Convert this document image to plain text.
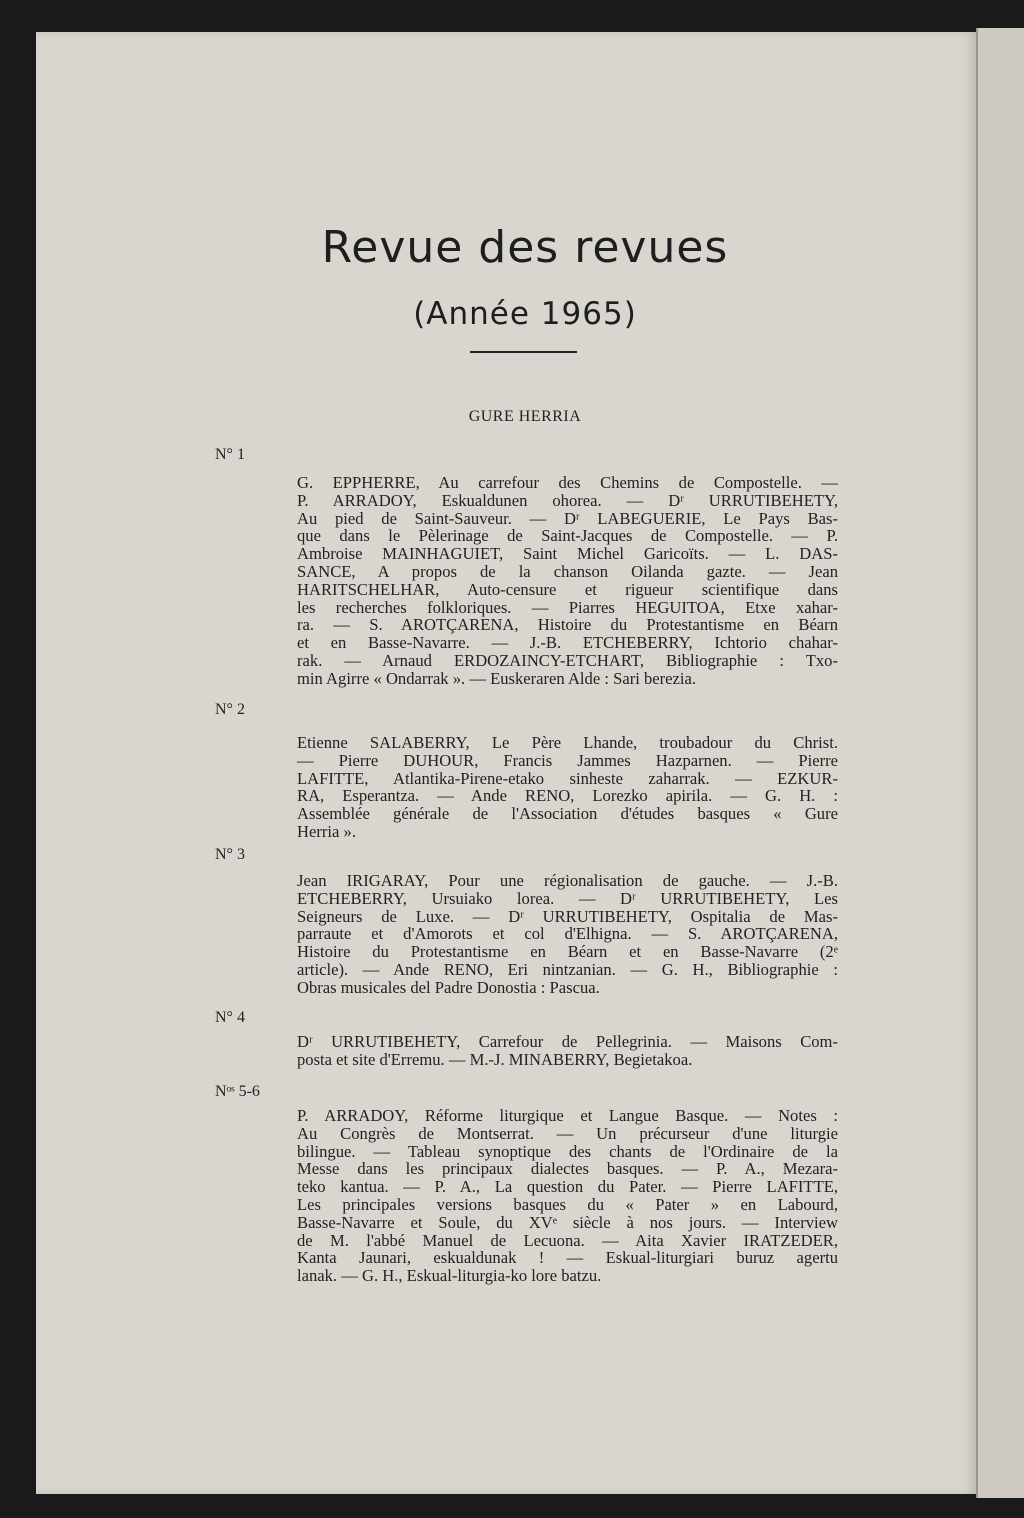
Revue des revues
(Année 1965)
GURE HERRIA
N° 1
G. EPPHERRE, Au carrefour des Chemins de Compostelle. —
P. ARRADOY, Eskualdunen ohorea. — Dʳ URRUTIBEHETY,
Au pied de Saint-Sauveur. — Dʳ LABEGUERIE, Le Pays Bas-
que dans le Pèlerinage de Saint-Jacques de Compostelle. — P.
Ambroise MAINHAGUIET, Saint Michel Garicoïts. — L. DAS-
SANCE, A propos de la chanson Oilanda gazte. — Jean
HARITSCHELHAR, Auto-censure et rigueur scientifique dans
les recherches folkloriques. — Piarres HEGUITOA, Etxe xahar-
ra. — S. AROTÇARENA, Histoire du Protestantisme en Béarn
et en Basse-Navarre. — J.-B. ETCHEBERRY, Ichtorio chahar-
rak. — Arnaud ERDOZAINCY-ETCHART, Bibliographie : Txo-
min Agirre « Ondarrak ». — Euskeraren Alde : Sari berezia.
N° 2
Etienne SALABERRY, Le Père Lhande, troubadour du Christ.
— Pierre DUHOUR, Francis Jammes Hazparnen. — Pierre
LAFITTE, Atlantika-Pirene-etako sinheste zaharrak. — EZKUR-
RA, Esperantza. — Ande RENO, Lorezko apirila. — G. H. :
Assemblée générale de l'Association d'études basques « Gure
Herria ».
N° 3
Jean IRIGARAY, Pour une régionalisation de gauche. — J.-B.
ETCHEBERRY, Ursuiako lorea. — Dʳ URRUTIBEHETY, Les
Seigneurs de Luxe. — Dʳ URRUTIBEHETY, Ospitalia de Mas-
parraute et d'Amorots et col d'Elhigna. — S. AROTÇARENA,
Histoire du Protestantisme en Béarn et en Basse-Navarre (2ᵉ
article). — Ande RENO, Eri nintzanian. — G. H., Bibliographie :
Obras musicales del Padre Donostia : Pascua.
N° 4
Dʳ URRUTIBEHETY, Carrefour de Pellegrinia. — Maisons Com-
posta et site d'Erremu. — M.-J. MINABERRY, Begietakoa.
Nᵒˢ 5-6
P. ARRADOY, Réforme liturgique et Langue Basque. — Notes :
Au Congrès de Montserrat. — Un précurseur d'une liturgie
bilingue. — Tableau synoptique des chants de l'Ordinaire de la
Messe dans les principaux dialectes basques. — P. A., Mezara-
teko kantua. — P. A., La question du Pater. — Pierre LAFITTE,
Les principales versions basques du « Pater » en Labourd,
Basse-Navarre et Soule, du XVᵉ siècle à nos jours. — Interview
de M. l'abbé Manuel de Lecuona. — Aita Xavier IRATZEDER,
Kanta Jaunari, eskualdunak ! — Eskual-liturgiari buruz agertu
lanak. — G. H., Eskual-liturgia-ko lore batzu.
